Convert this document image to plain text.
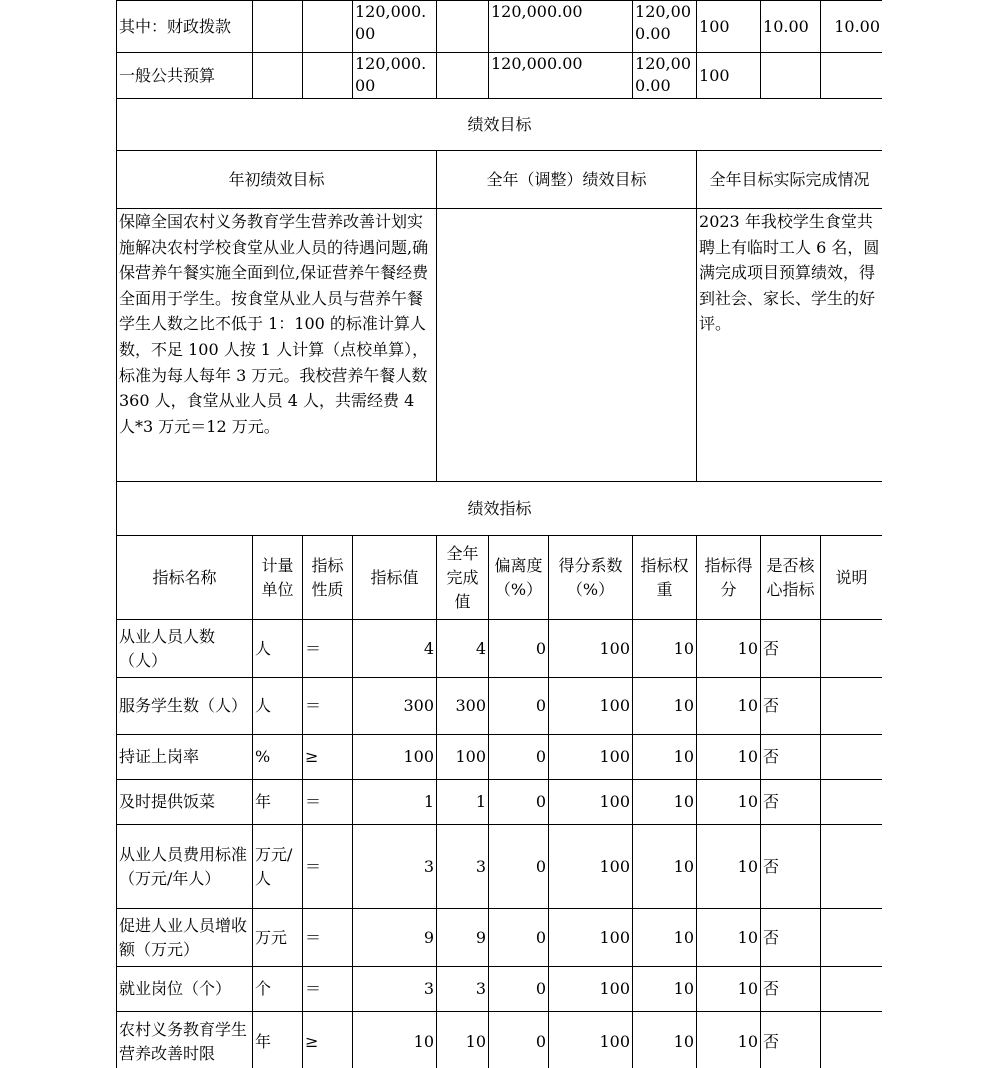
其中：财政拨款			120,000.00		120,000.00		120,000.00	100	10.00	10.00
一般公共预算			120,000.00		120,000.00		120,000.00	100		
绩效目标										
年初绩效目标				全年（调整）绩效目标				全年目标实际完成情况		
保障全国农村义务教育学生营养改善计划实施解决农村学校食堂从业人员的待遇问题,确保营养午餐实施全面到位,保证营养午餐经费全面用于学生。按食堂从业人员与营养午餐学生人数之比不低于 1：100 的标准计算人数，不足 100 人按 1 人计算（点校单算），标准为每人每年 3 万元。我校营养午餐人数 360 人，食堂从业人员 4 人，共需经费 4 人*3 万元＝12 万元。								2023 年我校学生食堂共聘上有临时工人 6 名，圆满完成项目预算绩效，得到社会、家长、学生的好评。		
绩效指标										
指标名称	计量单位	指标性质	指标值	全年完成值	偏离度（%）	得分系数（%）	指标权重	指标得分	是否核心指标	说明
从业人员人数（人）	人	＝	4	4	0	100	10	10	否	
服务学生数（人）	人	＝	300	300	0	100	10	10	否	
持证上岗率	%	≥	100	100	0	100	10	10	否	
及时提供饭菜	年	＝	1	1	0	100	10	10	否	
从业人员费用标准（万元/年人）	万元/人	＝	3	3	0	100	10	10	否	
促进人业人员增收额（万元）	万元	＝	9	9	0	100	10	10	否	
就业岗位（个）	个	＝	3	3	0	100	10	10	否	
农村义务教育学生营养改善时限	年	≥	10	10	0	100	10	10	否	
